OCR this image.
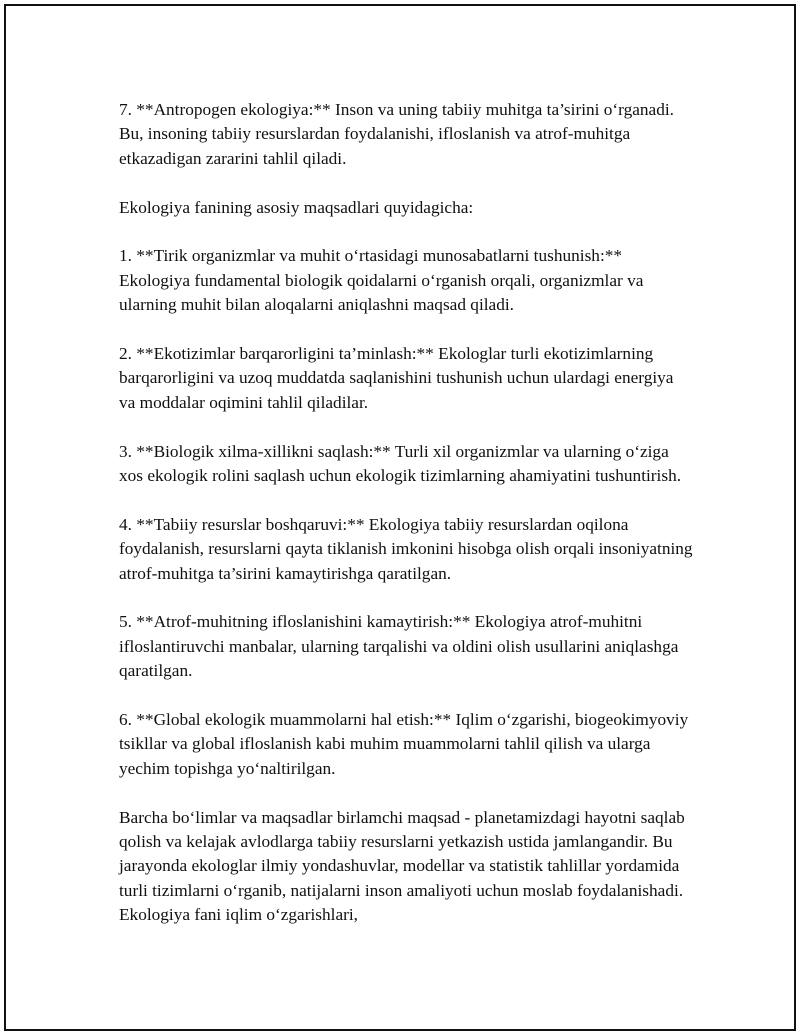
7. **Antropogen ekologiya:** Inson va uning tabiiy muhitga ta’sirini o‘rganadi. Bu, insoning tabiiy resurslardan foydalanishi, ifloslanish va atrof-muhitga etkazadigan zararini tahlil qiladi.

Ekologiya fanining asosiy maqsadlari quyidagicha:

1. **Tirik organizmlar va muhit o‘rtasidagi munosabatlarni tushunish:** Ekologiya fundamental biologik qoidalarni o‘rganish orqali, organizmlar va ularning muhit bilan aloqalarni aniqlashni maqsad qiladi.

2. **Ekotizimlar barqarorligini ta’minlash:** Ekologlar turli ekotizimlarning barqarorligini va uzoq muddatda saqlanishini tushunish uchun ulardagi energiya va moddalar oqimini tahlil qiladilar.

3. **Biologik xilma-xillikni saqlash:** Turli xil organizmlar va ularning o‘ziga xos ekologik rolini saqlash uchun ekologik tizimlarning ahamiyatini tushuntirish.

4. **Tabiiy resurslar boshqaruvi:** Ekologiya tabiiy resurslardan oqilona foydalanish, resurslarni qayta tiklanish imkonini hisobga olish orqali insoniyatning atrof-muhitga ta’sirini kamaytirishga qaratilgan.

5. **Atrof-muhitning ifloslanishini kamaytirish:** Ekologiya atrof-muhitni ifloslantiruvchi manbalar, ularning tarqalishi va oldini olish usullarini aniqlashga qaratilgan.

6. **Global ekologik muammolarni hal etish:** Iqlim o‘zgarishi, biogeokimyoviy tsikllar va global ifloslanish kabi muhim muammolarni tahlil qilish va ularga yechim topishga yo‘naltirilgan.

Barcha bo‘limlar va maqsadlar birlamchi maqsad - planetamizdagi hayotni saqlab qolish va kelajak avlodlarga tabiiy resurslarni yetkazish ustida jamlangandir. Bu jarayonda ekologlar ilmiy yondashuvlar, modellar va statistik tahlillar yordamida turli tizimlarni o‘rganib, natijalarni inson amaliyoti uchun moslab foydalanishadi. Ekologiya fani iqlim o‘zgarishlari,
